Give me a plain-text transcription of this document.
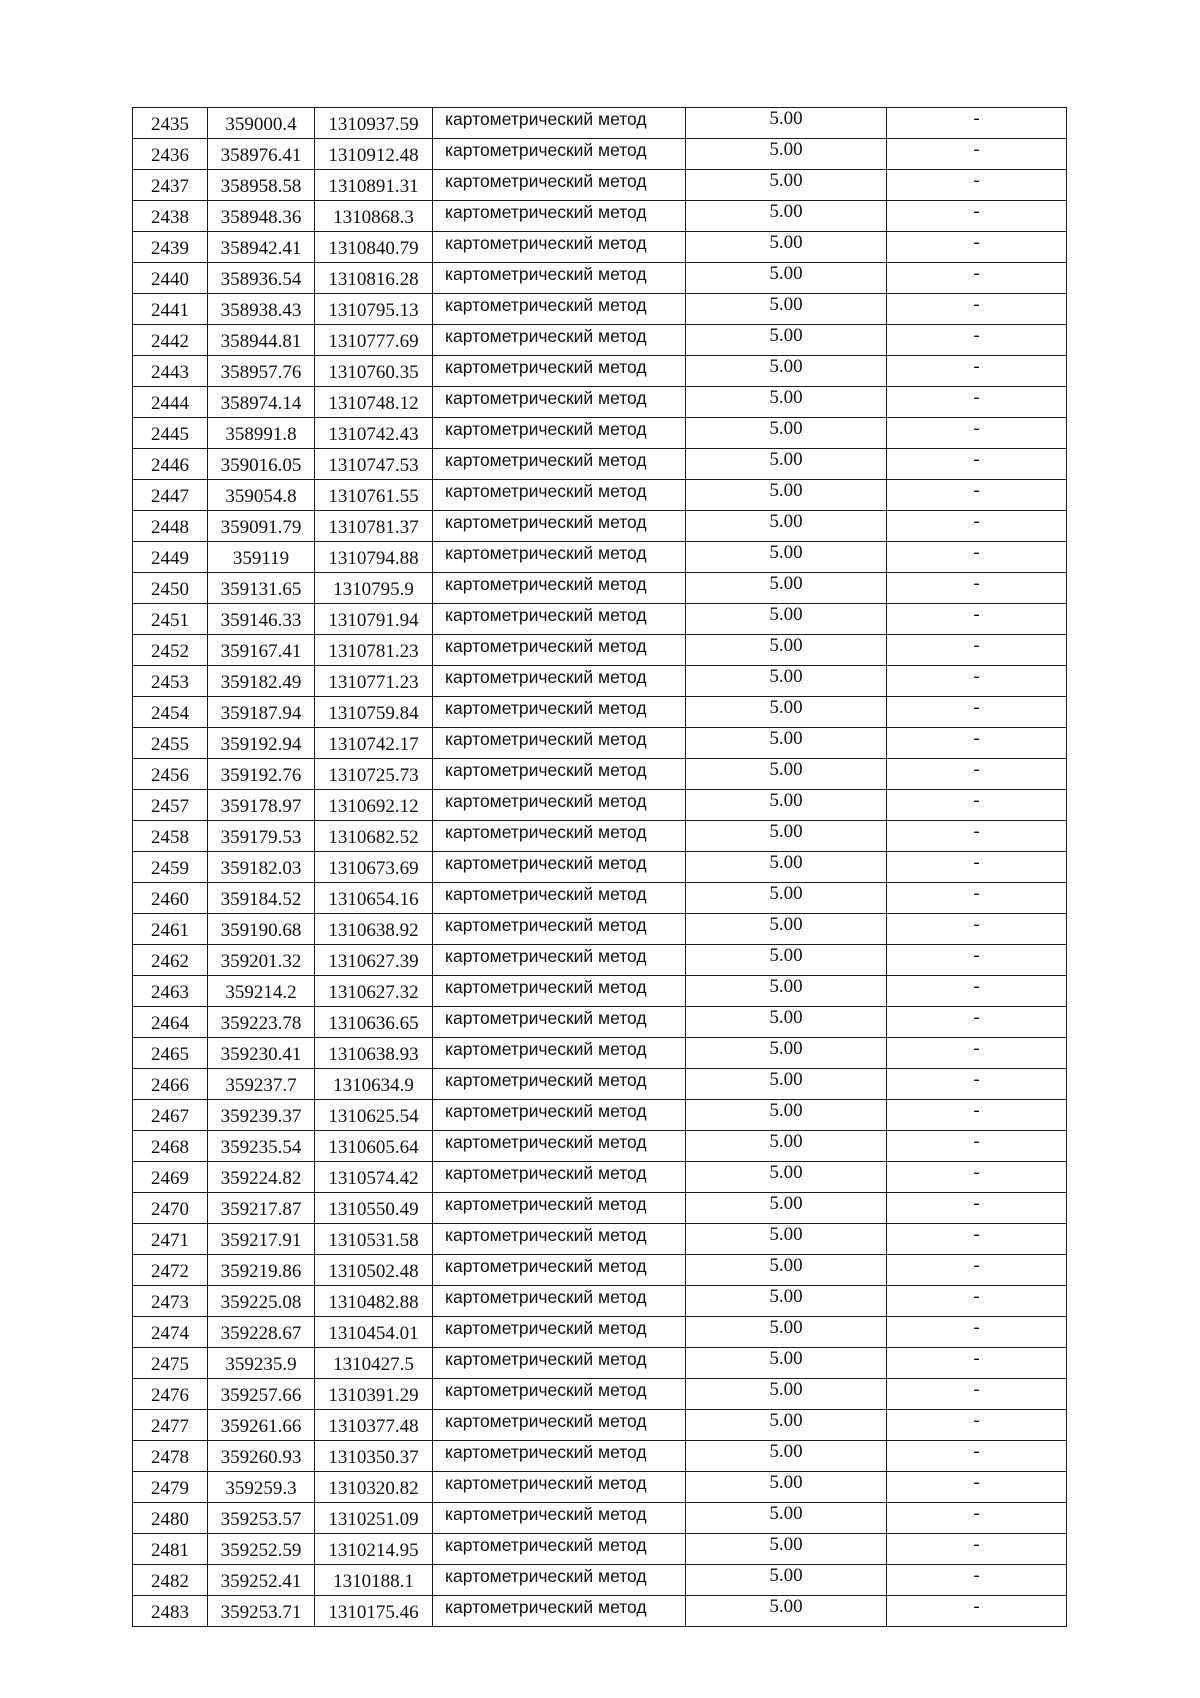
2435	359000.4	1310937.59	картометрический метод	5.00	-
2436	358976.41	1310912.48	картометрический метод	5.00	-
2437	358958.58	1310891.31	картометрический метод	5.00	-
2438	358948.36	1310868.3	картометрический метод	5.00	-
2439	358942.41	1310840.79	картометрический метод	5.00	-
2440	358936.54	1310816.28	картометрический метод	5.00	-
2441	358938.43	1310795.13	картометрический метод	5.00	-
2442	358944.81	1310777.69	картометрический метод	5.00	-
2443	358957.76	1310760.35	картометрический метод	5.00	-
2444	358974.14	1310748.12	картометрический метод	5.00	-
2445	358991.8	1310742.43	картометрический метод	5.00	-
2446	359016.05	1310747.53	картометрический метод	5.00	-
2447	359054.8	1310761.55	картометрический метод	5.00	-
2448	359091.79	1310781.37	картометрический метод	5.00	-
2449	359119	1310794.88	картометрический метод	5.00	-
2450	359131.65	1310795.9	картометрический метод	5.00	-
2451	359146.33	1310791.94	картометрический метод	5.00	-
2452	359167.41	1310781.23	картометрический метод	5.00	-
2453	359182.49	1310771.23	картометрический метод	5.00	-
2454	359187.94	1310759.84	картометрический метод	5.00	-
2455	359192.94	1310742.17	картометрический метод	5.00	-
2456	359192.76	1310725.73	картометрический метод	5.00	-
2457	359178.97	1310692.12	картометрический метод	5.00	-
2458	359179.53	1310682.52	картометрический метод	5.00	-
2459	359182.03	1310673.69	картометрический метод	5.00	-
2460	359184.52	1310654.16	картометрический метод	5.00	-
2461	359190.68	1310638.92	картометрический метод	5.00	-
2462	359201.32	1310627.39	картометрический метод	5.00	-
2463	359214.2	1310627.32	картометрический метод	5.00	-
2464	359223.78	1310636.65	картометрический метод	5.00	-
2465	359230.41	1310638.93	картометрический метод	5.00	-
2466	359237.7	1310634.9	картометрический метод	5.00	-
2467	359239.37	1310625.54	картометрический метод	5.00	-
2468	359235.54	1310605.64	картометрический метод	5.00	-
2469	359224.82	1310574.42	картометрический метод	5.00	-
2470	359217.87	1310550.49	картометрический метод	5.00	-
2471	359217.91	1310531.58	картометрический метод	5.00	-
2472	359219.86	1310502.48	картометрический метод	5.00	-
2473	359225.08	1310482.88	картометрический метод	5.00	-
2474	359228.67	1310454.01	картометрический метод	5.00	-
2475	359235.9	1310427.5	картометрический метод	5.00	-
2476	359257.66	1310391.29	картометрический метод	5.00	-
2477	359261.66	1310377.48	картометрический метод	5.00	-
2478	359260.93	1310350.37	картометрический метод	5.00	-
2479	359259.3	1310320.82	картометрический метод	5.00	-
2480	359253.57	1310251.09	картометрический метод	5.00	-
2481	359252.59	1310214.95	картометрический метод	5.00	-
2482	359252.41	1310188.1	картометрический метод	5.00	-
2483	359253.71	1310175.46	картометрический метод	5.00	-
